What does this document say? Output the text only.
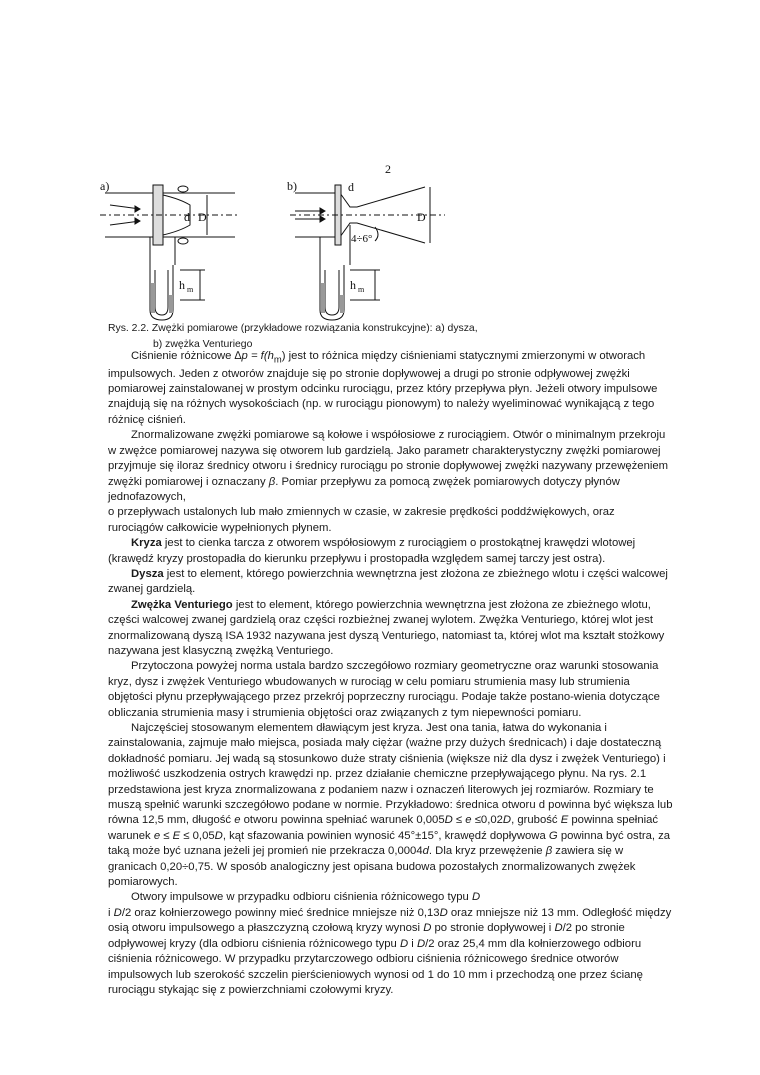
a)
d D
h m
2
b)	d
D
4÷6°
h m
Rys. 2.2. Zwężki pomiarowe (przykładowe rozwiązania konstrukcyjne): a) dysza,
b) zwężka Venturiego

Ciśnienie różnicowe $\Delta p = f(h_m)$ jest to różnica między ciśnieniami statycznymi zmierzonymi w otworach impulsowych. Jeden z otworów znajduje się po stronie dopływowej a drugi po stronie odpływowej zwężki pomiarowej zainstalowanej w prostym odcinku rurociągu, przez który przepływa płyn. Jeżeli otwory impulsowe znajdują się na różnych wysokościach (np. w rurociągu pionowym) to należy wyeliminować wynikającą z tego różnicę ciśnień.

Znormalizowane zwężki pomiarowe są kołowe i współosiowe z rurociągiem. Otwór o minimalnym przekroju w zwężce pomiarowej nazywa się otworem lub gardzielą. Jako parametr charakterystyczny zwężki pomiarowej przyjmuje się iloraz średnicy otworu i średnicy rurociągu po stronie dopływowej zwężki nazywany przewężeniem zwężki pomiarowej i oznaczany β. Pomiar przepływu za pomocą zwężek pomiarowych dotyczy płynów jednofazowych,

o przepływach ustalonych lub mało zmiennych w czasie, w zakresie prędkości poddźwiękowych, oraz rurociągów całkowicie wypełnionych płynem.

Kryza jest to cienka tarcza z otworem współosiowym z rurociągiem o prostokątnej krawędzi wlotowej (krawędź kryzy prostopadła do kierunku przepływu i prostopadła względem samej tarczy jest ostra).

Dysza jest to element, którego powierzchnia wewnętrzna jest złożona ze zbieżnego wlotu i części walcowej zwanej gardzielą.

Zwężka Venturiego jest to element, którego powierzchnia wewnętrzna jest złożona ze zbieżnego wlotu, części walcowej zwanej gardzielą oraz części rozbieżnej zwanej wylotem. Zwężka Venturiego, której wlot jest znormalizowaną dyszą ISA 1932 nazywana jest dyszą Venturiego, natomiast ta, której wlot ma kształt stożkowy nazywana jest klasyczną zwężką Venturiego.

Przytoczona powyżej norma ustala bardzo szczegółowo rozmiary geometryczne oraz warunki stosowania kryz, dysz i zwężek Venturiego wbudowanych w rurociąg w celu pomiaru strumienia masy lub strumienia objętości płynu przepływającego przez przekrój poprzeczny rurociągu. Podaje także postano-wienia dotyczące obliczania strumienia masy i strumienia objętości oraz związanych z tym niepewności pomiaru.

Najczęściej stosowanym elementem dławiącym jest kryza. Jest ona tania, łatwa do wykonania i zainstalowania, zajmuje mało miejsca, posiada mały ciężar (ważne przy dużych średnicach) i daje dostateczną dokładność pomiaru. Jej wadą są stosunkowo duże straty ciśnienia (większe niż dla dysz i zwężek Venturiego) i możliwość uszkodzenia ostrych krawędzi np. przez działanie chemiczne przepływającego płynu. Na rys. 2.1 przedstawiona jest kryza znormalizowana z podaniem nazw i oznaczeń literowych jej rozmiarów. Rozmiary te muszą spełnić warunki szczegółowo podane w normie. Przykładowo: średnica otworu d powinna być większa lub równa 12,5 mm, długość e otworu powinna spełniać warunek 0,005D ≤ e ≤0,02D, grubość E powinna spełniać warunek e ≤ E ≤ 0,05D, kąt sfazowania powinien wynosić 45°±15°, krawędź dopływowa G powinna być ostra, za taką może być uznana jeżeli jej promień nie przekracza 0,0004d. Dla kryz przewężenie β zawiera się w granicach 0,20÷0,75. W sposób analogiczny jest opisana budowa pozostałych znormalizowanych zwężek pomiarowych.

Otwory impulsowe w przypadku odbioru ciśnienia różnicowego typu D

i D/2 oraz kołnierzowego powinny mieć średnice mniejsze niż 0,13D oraz mniejsze niż 13 mm. Odległość między osią otworu impulsowego a płaszczyzną czołową kryzy wynosi D po stronie dopływowej i D/2 po stronie odpływowej kryzy (dla odbioru ciśnienia różnicowego typu D i D/2 oraz 25,4 mm dla kołnierzowego odbioru ciśnienia różnicowego. W przypadku przytarczowego odbioru ciśnienia różnicowego średnice otworów impulsowych lub szerokość szczelin pierścieniowych wynosi od 1 do 10 mm i przechodzą one przez ścianę rurociągu stykając się z powierzchniami czołowymi kryzy.
